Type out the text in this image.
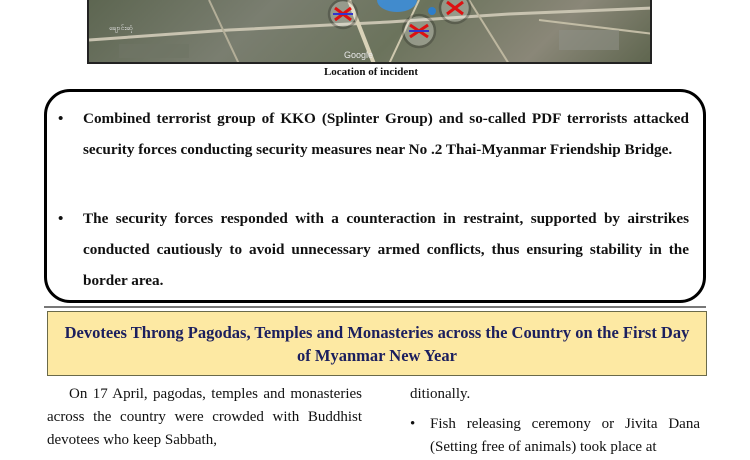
ချောင်းဆုံ
Google
Location of incident
• Combined terrorist group of KKO (Splinter Group) and so-called PDF terrorists attacked security forces conducting security measures near No .2 Thai-Myanmar Friendship Bridge.
• The security forces responded with a counteraction in restraint, supported by airstrikes conducted cautiously to avoid unnecessary armed conflicts, thus ensuring stability in the border area.
Devotees Throng Pagodas, Temples and Monasteries across the Country on the First Day of Myanmar New Year
On 17 April, pagodas, temples and monasteries across the country were crowded with Buddhist devotees who keep Sabbath,
ditionally.
• Fish releasing ceremony or Jivita Dana (Setting free of animals) took place at
